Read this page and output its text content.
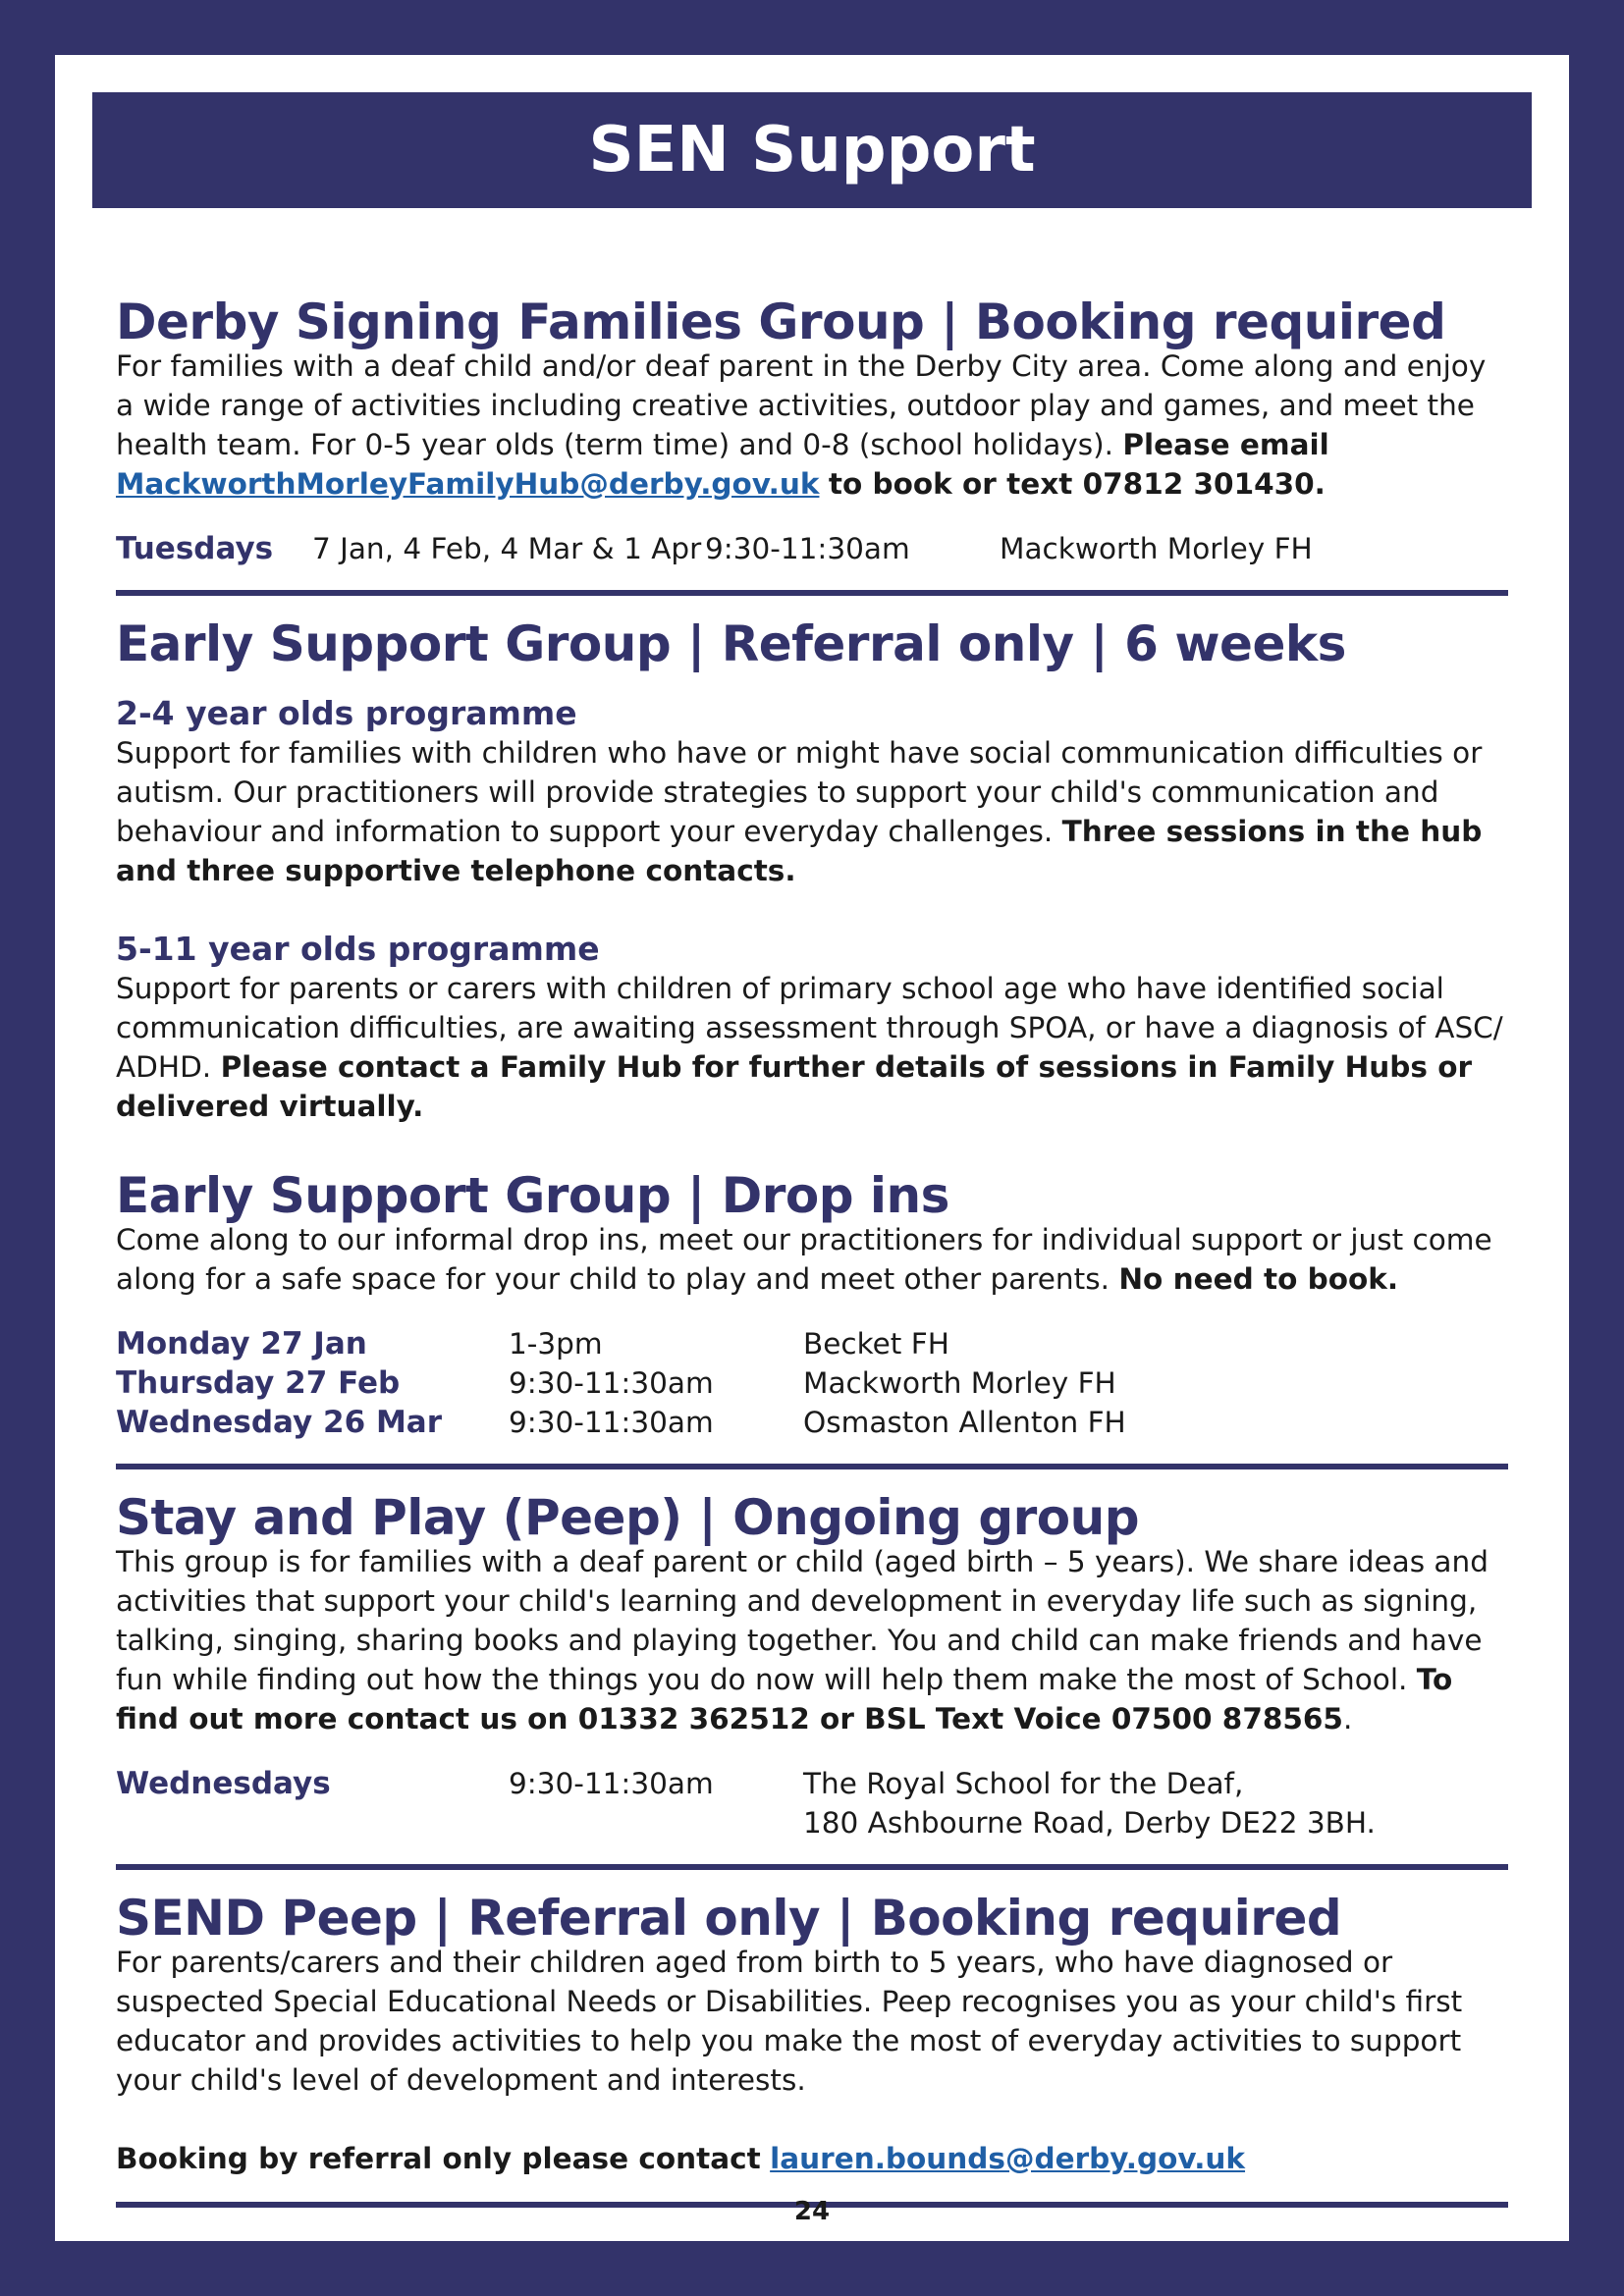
SEN Support
Derby Signing Families Group | Booking required

For families with a deaf child and/or deaf parent in the Derby City area. Come along and enjoy a wide range of activities including creative activities, outdoor play and games, and meet the health team. For 0-5 year olds (term time) and 0-8 (school holidays). Please email MackworthMorleyFamilyHub@derby.gov.uk to book or text 07812 301430.

Tuesdays	7 Jan, 4 Feb, 4 Mar & 1 Apr 9:30-11:30am	Mackworth Morley FH
Early Support Group | Referral only | 6 weeks
2-4 year olds programme

Support for families with children who have or might have social communication difficulties or autism. Our practitioners will provide strategies to support your child's communication and behaviour and information to support your everyday challenges. Three sessions in the hub and three supportive telephone contacts.

5-11 year olds programme

Support for parents or carers with children of primary school age who have identified social communication difficulties, are awaiting assessment through SPOA, or have a diagnosis of ASC/ ADHD. Please contact a Family Hub for further details of sessions in Family Hubs or delivered virtually.

Early Support Group | Drop ins

Come along to our informal drop ins, meet our practitioners for individual support or just come along for a safe space for your child to play and meet other parents. No need to book.

Monday 27 Jan	1-3pm	Becket FH
Thursday 27 Feb	9:30-11:30am	Mackworth Morley FH
Wednesday 26 Mar	9:30-11:30am	Osmaston Allenton FH
Stay and Play (Peep) | Ongoing group

This group is for families with a deaf parent or child (aged birth – 5 years). We share ideas and activities that support your child's learning and development in everyday life such as signing, talking, singing, sharing books and playing together. You and child can make friends and have fun while finding out how the things you do now will help them make the most of School. To find out more contact us on 01332 362512 or BSL Text Voice 07500 878565.

Wednesdays	9:30-11:30am	The Royal School for the Deaf,
180 Ashbourne Road, Derby DE22 3BH.
SEND Peep | Referral only | Booking required

For parents/carers and their children aged from birth to 5 years, who have diagnosed or suspected Special Educational Needs or Disabilities. Peep recognises you as your child's first educator and provides activities to help you make the most of everyday activities to support your child's level of development and interests.

Booking by referral only please contact lauren.bounds@derby.gov.uk

24
